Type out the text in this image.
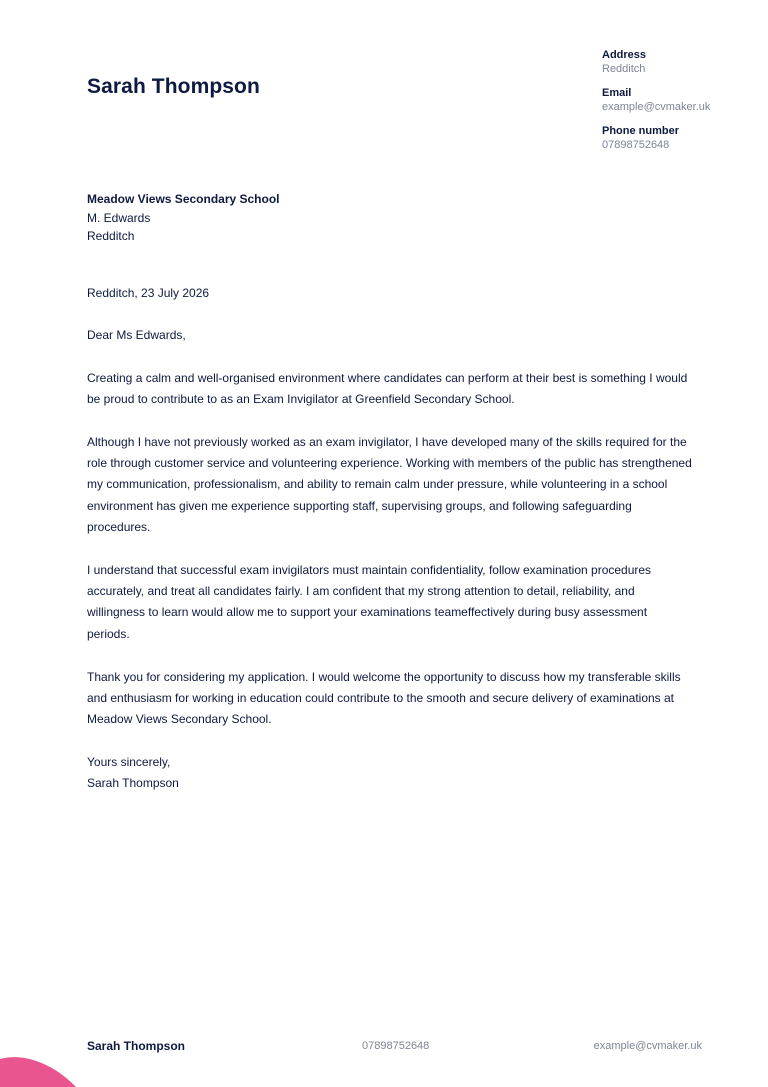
Sarah Thompson
Address
Redditch
Email
example@cvmaker.uk
Phone number
07898752648
Meadow Views Secondary School
M. Edwards
Redditch
Redditch, 23 July 2026

Dear Ms Edwards,

Creating a calm and well-organised environment where candidates can perform at their best is something I would be proud to contribute to as an Exam Invigilator at Greenfield Secondary School.

Although I have not previously worked as an exam invigilator, I have developed many of the skills required for the role through customer service and volunteering experience. Working with members of the public has strengthened my communication, professionalism, and ability to remain calm under pressure, while volunteering in a school environment has given me experience supporting staff, supervising groups, and following safeguarding procedures.

I understand that successful exam invigilators must maintain confidentiality, follow examination procedures accurately, and treat all candidates fairly. I am confident that my strong attention to detail, reliability, and willingness to learn would allow me to support your examinations teameffectively during busy assessment periods.

Thank you for considering my application. I would welcome the opportunity to discuss how my transferable skills and enthusiasm for working in education could contribute to the smooth and secure delivery of examinations at Meadow Views Secondary School.

Yours sincerely,
Sarah Thompson
Sarah Thompson	07898752648	example@cvmaker.uk
